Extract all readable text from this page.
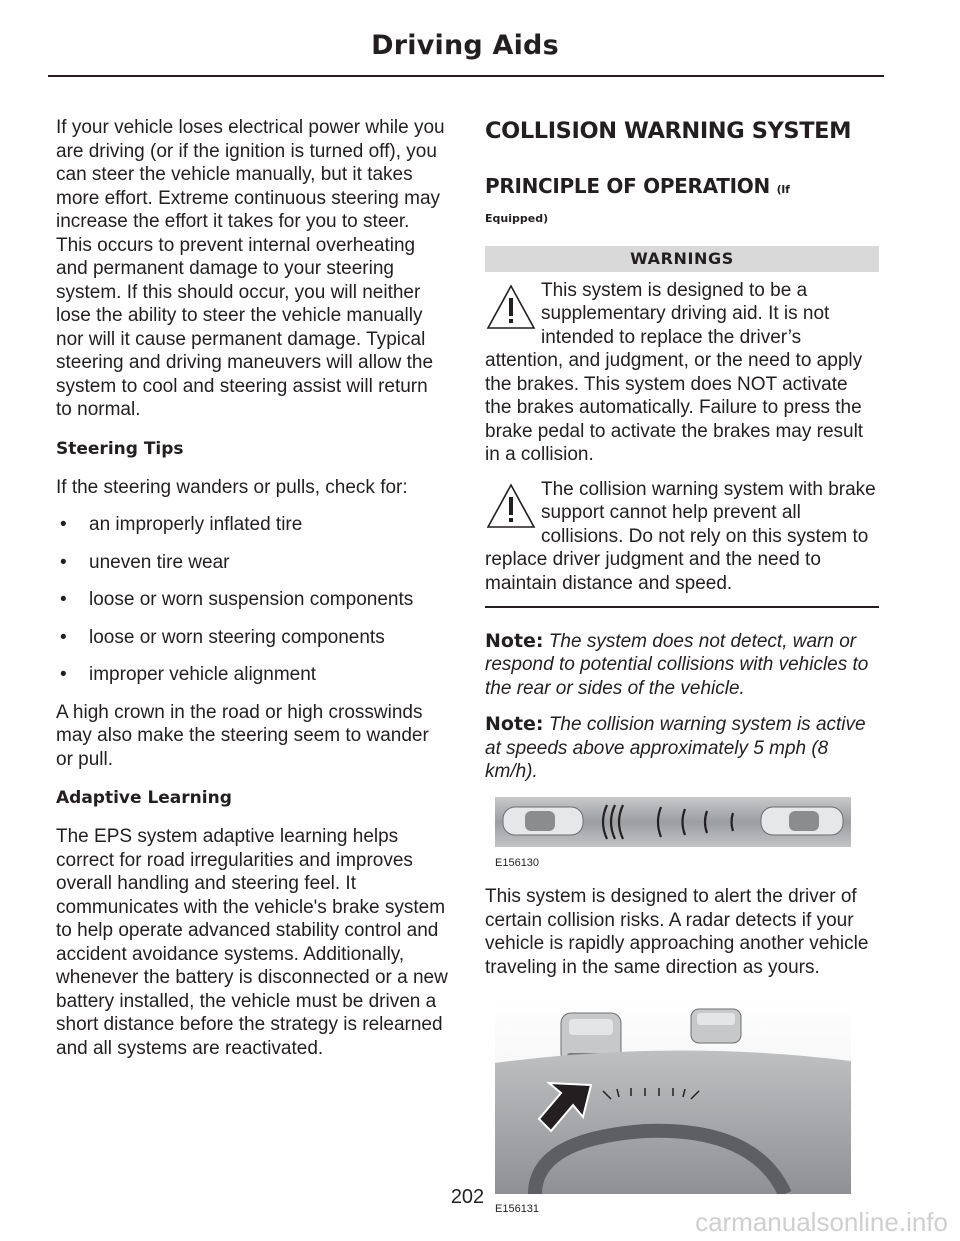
Driving Aids

If your vehicle loses electrical power while you are driving (or if the ignition is turned off), you can steer the vehicle manually, but it takes more effort. Extreme continuous steering may increase the effort it takes for you to steer. This occurs to prevent internal overheating and permanent damage to your steering system. If this should occur, you will neither lose the ability to steer the vehicle manually nor will it cause permanent damage. Typical steering and driving maneuvers will allow the system to cool and steering assist will return to normal.

Steering Tips

If the steering wanders or pulls, check for:

• an improperly inflated tire
• uneven tire wear
• loose or worn suspension components
• loose or worn steering components
• improper vehicle alignment

A high crown in the road or high crosswinds may also make the steering seem to wander or pull.

Adaptive Learning

The EPS system adaptive learning helps correct for road irregularities and improves overall handling and steering feel. It communicates with the vehicle's brake system to help operate advanced stability control and accident avoidance systems. Additionally, whenever the battery is disconnected or a new battery installed, the vehicle must be driven a short distance before the strategy is relearned and all systems are reactivated.

COLLISION WARNING SYSTEM
PRINCIPLE OF OPERATION (If
Equipped)
WARNINGS
This system is designed to be a supplementary driving aid. It is not intended to replace the driver’s attention, and judgment, or the need to apply the brakes. This system does NOT activate the brakes automatically. Failure to press the brake pedal to activate the brakes may result in a collision.
The collision warning system with brake support cannot help prevent all collisions. Do not rely on this system to replace driver judgment and the need to maintain distance and speed.

Note: The system does not detect, warn or respond to potential collisions with vehicles to the rear or sides of the vehicle.

Note: The collision warning system is active at speeds above approximately 5 mph (8 km/h).

E156130

This system is designed to alert the driver of certain collision risks. A radar detects if your vehicle is rapidly approaching another vehicle traveling in the same direction as yours.

E156131
202
carmanualsonline.info
